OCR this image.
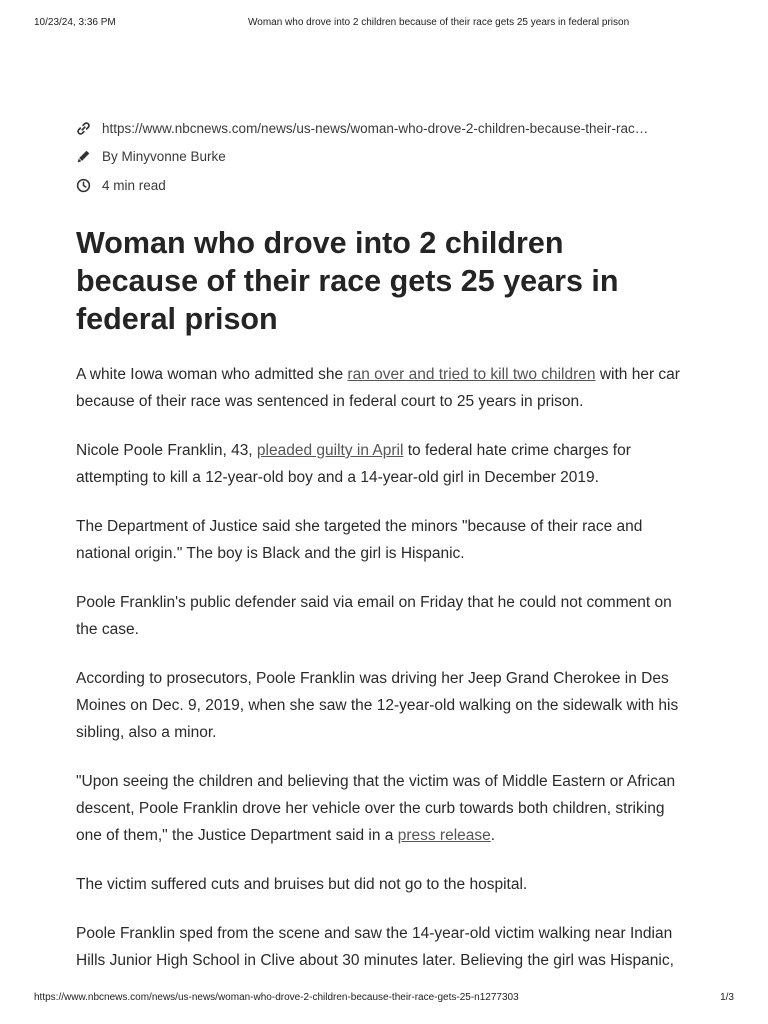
10/23/24, 3:36 PM	Woman who drove into 2 children because of their race gets 25 years in federal prison
https://www.nbcnews.com/news/us-news/woman-who-drove-2-children-because-their-rac…
By Minyvonne Burke
4 min read
Woman who drove into 2 children because of their race gets 25 years in federal prison

A white Iowa woman who admitted she ran over and tried to kill two children with her car because of their race was sentenced in federal court to 25 years in prison.

Nicole Poole Franklin, 43, pleaded guilty in April to federal hate crime charges for attempting to kill a 12-year-old boy and a 14-year-old girl in December 2019.

The Department of Justice said she targeted the minors "because of their race and national origin." The boy is Black and the girl is Hispanic.

Poole Franklin's public defender said via email on Friday that he could not comment on the case.

According to prosecutors, Poole Franklin was driving her Jeep Grand Cherokee in Des Moines on Dec. 9, 2019, when she saw the 12-year-old walking on the sidewalk with his sibling, also a minor.

"Upon seeing the children and believing that the victim was of Middle Eastern or African descent, Poole Franklin drove her vehicle over the curb towards both children, striking one of them," the Justice Department said in a press release.

The victim suffered cuts and bruises but did not go to the hospital.

Poole Franklin sped from the scene and saw the 14-year-old victim walking near Indian Hills Junior High School in Clive about 30 minutes later. Believing the girl was Hispanic,

https://www.nbcnews.com/news/us-news/woman-who-drove-2-children-because-their-race-gets-25-n1277303	1/3
